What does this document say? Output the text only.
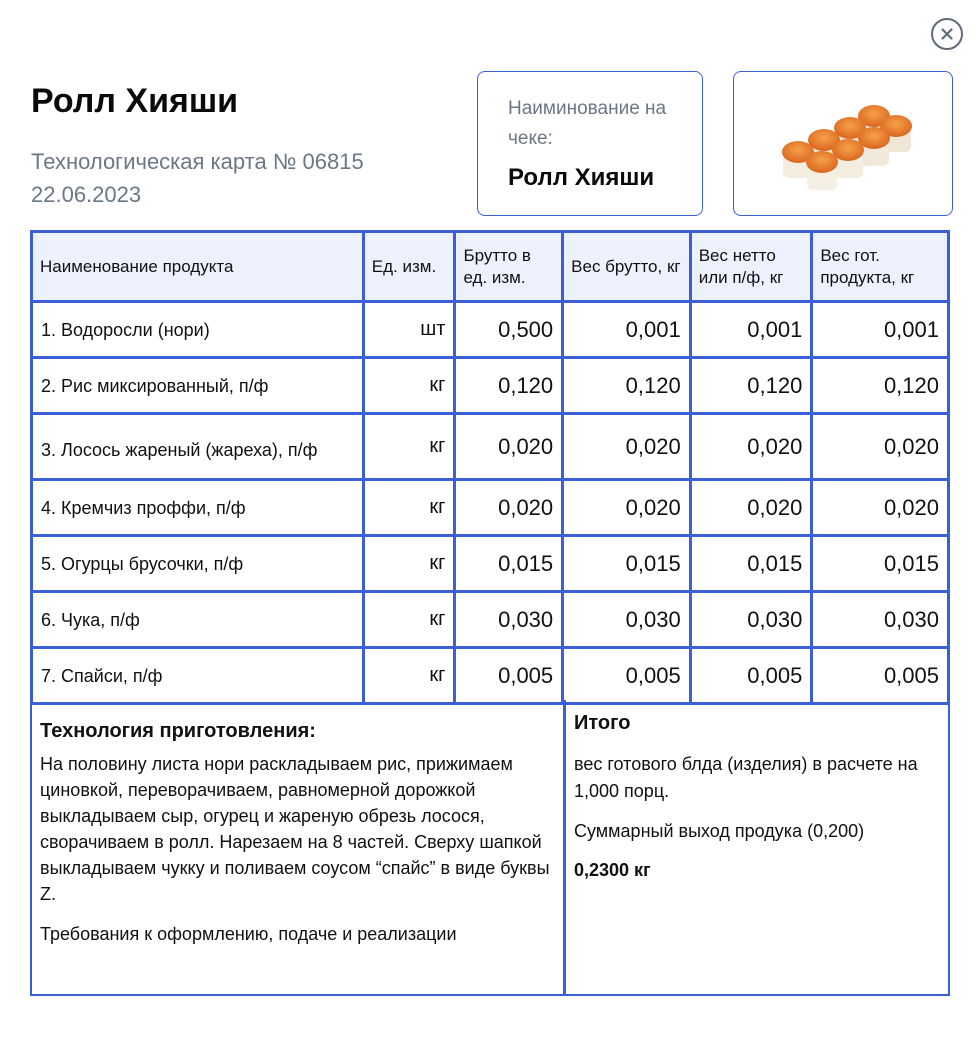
Ролл Хияши
Технологическая карта № 06815
22.06.2023
Наиминование на чеке:
Ролл Хияши
Наименование продукта	Ед. изм.	Брутто в ед. изм.	Вес брутто, кг	Вес нетто или п/ф, кг	Вес гот. продукта, кг

1. Водоросли (нори)	шт	0,500	0,001	0,001	0,001

2. Рис миксированный, п/ф	кг	0,120	0,120	0,120	0,120

3. Лосось жареный (жареха), п/ф	кг	0,020	0,020	0,020	0,020

4. Кремчиз проффи, п/ф	кг	0,020	0,020	0,020	0,020

5. Огурцы брусочки, п/ф	кг	0,015	0,015	0,015	0,015

6. Чука, п/ф	кг	0,030	0,030	0,030	0,030

7. Спайси, п/ф	кг	0,005	0,005	0,005	0,005
Технология приготовления:
На половину листа нори раскладываем рис, прижимаем циновкой, переворачиваем, равномерной дорожкой выкладываем сыр, огурец и жареную обрезь лосося, сворачиваем в ролл. Нарезаем на 8 частей. Сверху шапкой выкладываем чукку и поливаем соусом “спайс” в виде буквы Z.
Требования к оформлению, подаче и реализации
Итого
вес готового блда (изделия) в расчете на 1,000 порц.
Суммарный выход продука (0,200)
0,2300 кг
